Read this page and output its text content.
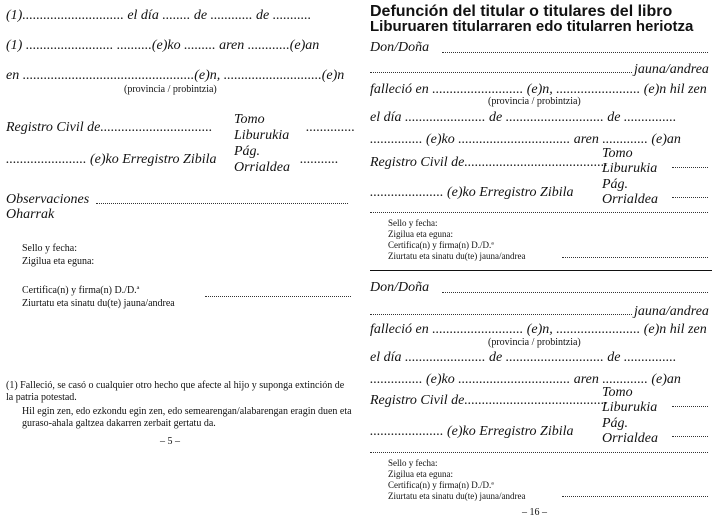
(1)............................. el día ........ de ............ de ...........
(1) ......................... ..........(e)ko ......... aren ............(e)an
en .................................................(e)n, ............................(e)n
(provincia / probintzia)
Registro Civil de................................
Tomo
Liburukia
..............
....................... (e)ko Erregistro Zibila
Pág.
Orrialdea
...........
Observaciones
Oharrak
Sello y fecha:
Zigilua eta eguna:
Certifica(n) y firma(n) D./D.ª
Ziurtatu eta sinatu du(te) jauna/andrea
(1) Falleció, se casó o cualquier otro hecho que afecte al hijo y suponga extinción de la patria potestad.
Hil egin zen, edo ezkondu egin zen, edo semearengan/alabarengan eragin duen eta guraso-ahala galtzea dakarren zerbait gertatu da.
– 5 –
Defunción del titular o titulares del libro
Liburuaren titularraren edo titularren heriotza
Don/Doña
jauna/andrea
falleció en .......................... (e)n, ........................ (e)n hil zen
(provincia / probintzia)
el día ....................... de ............................ de ...............
............... (e)ko ................................ aren ............. (e)an
Registro Civil de.........................................
Tomo
Liburukia
..................... (e)ko Erregistro Zibila
Pág.
Orrialdea
Sello y fecha:
Zigilua eta eguna:
Certifica(n) y firma(n) D./D.ª
Ziurtatu eta sinatu du(te) jauna/andrea
Don/Doña
jauna/andrea
falleció en .......................... (e)n, ........................ (e)n hil zen
(provincia / probintzia)
el día ....................... de ............................ de ...............
............... (e)ko ................................ aren ............. (e)an
Registro Civil de.........................................
Tomo
Liburukia
..................... (e)ko Erregistro Zibila
Pág.
Orrialdea
Sello y fecha:
Zigilua eta eguna:
Certifica(n) y firma(n) D./D.ª
Ziurtatu eta sinatu du(te) jauna/andrea
– 16 –
